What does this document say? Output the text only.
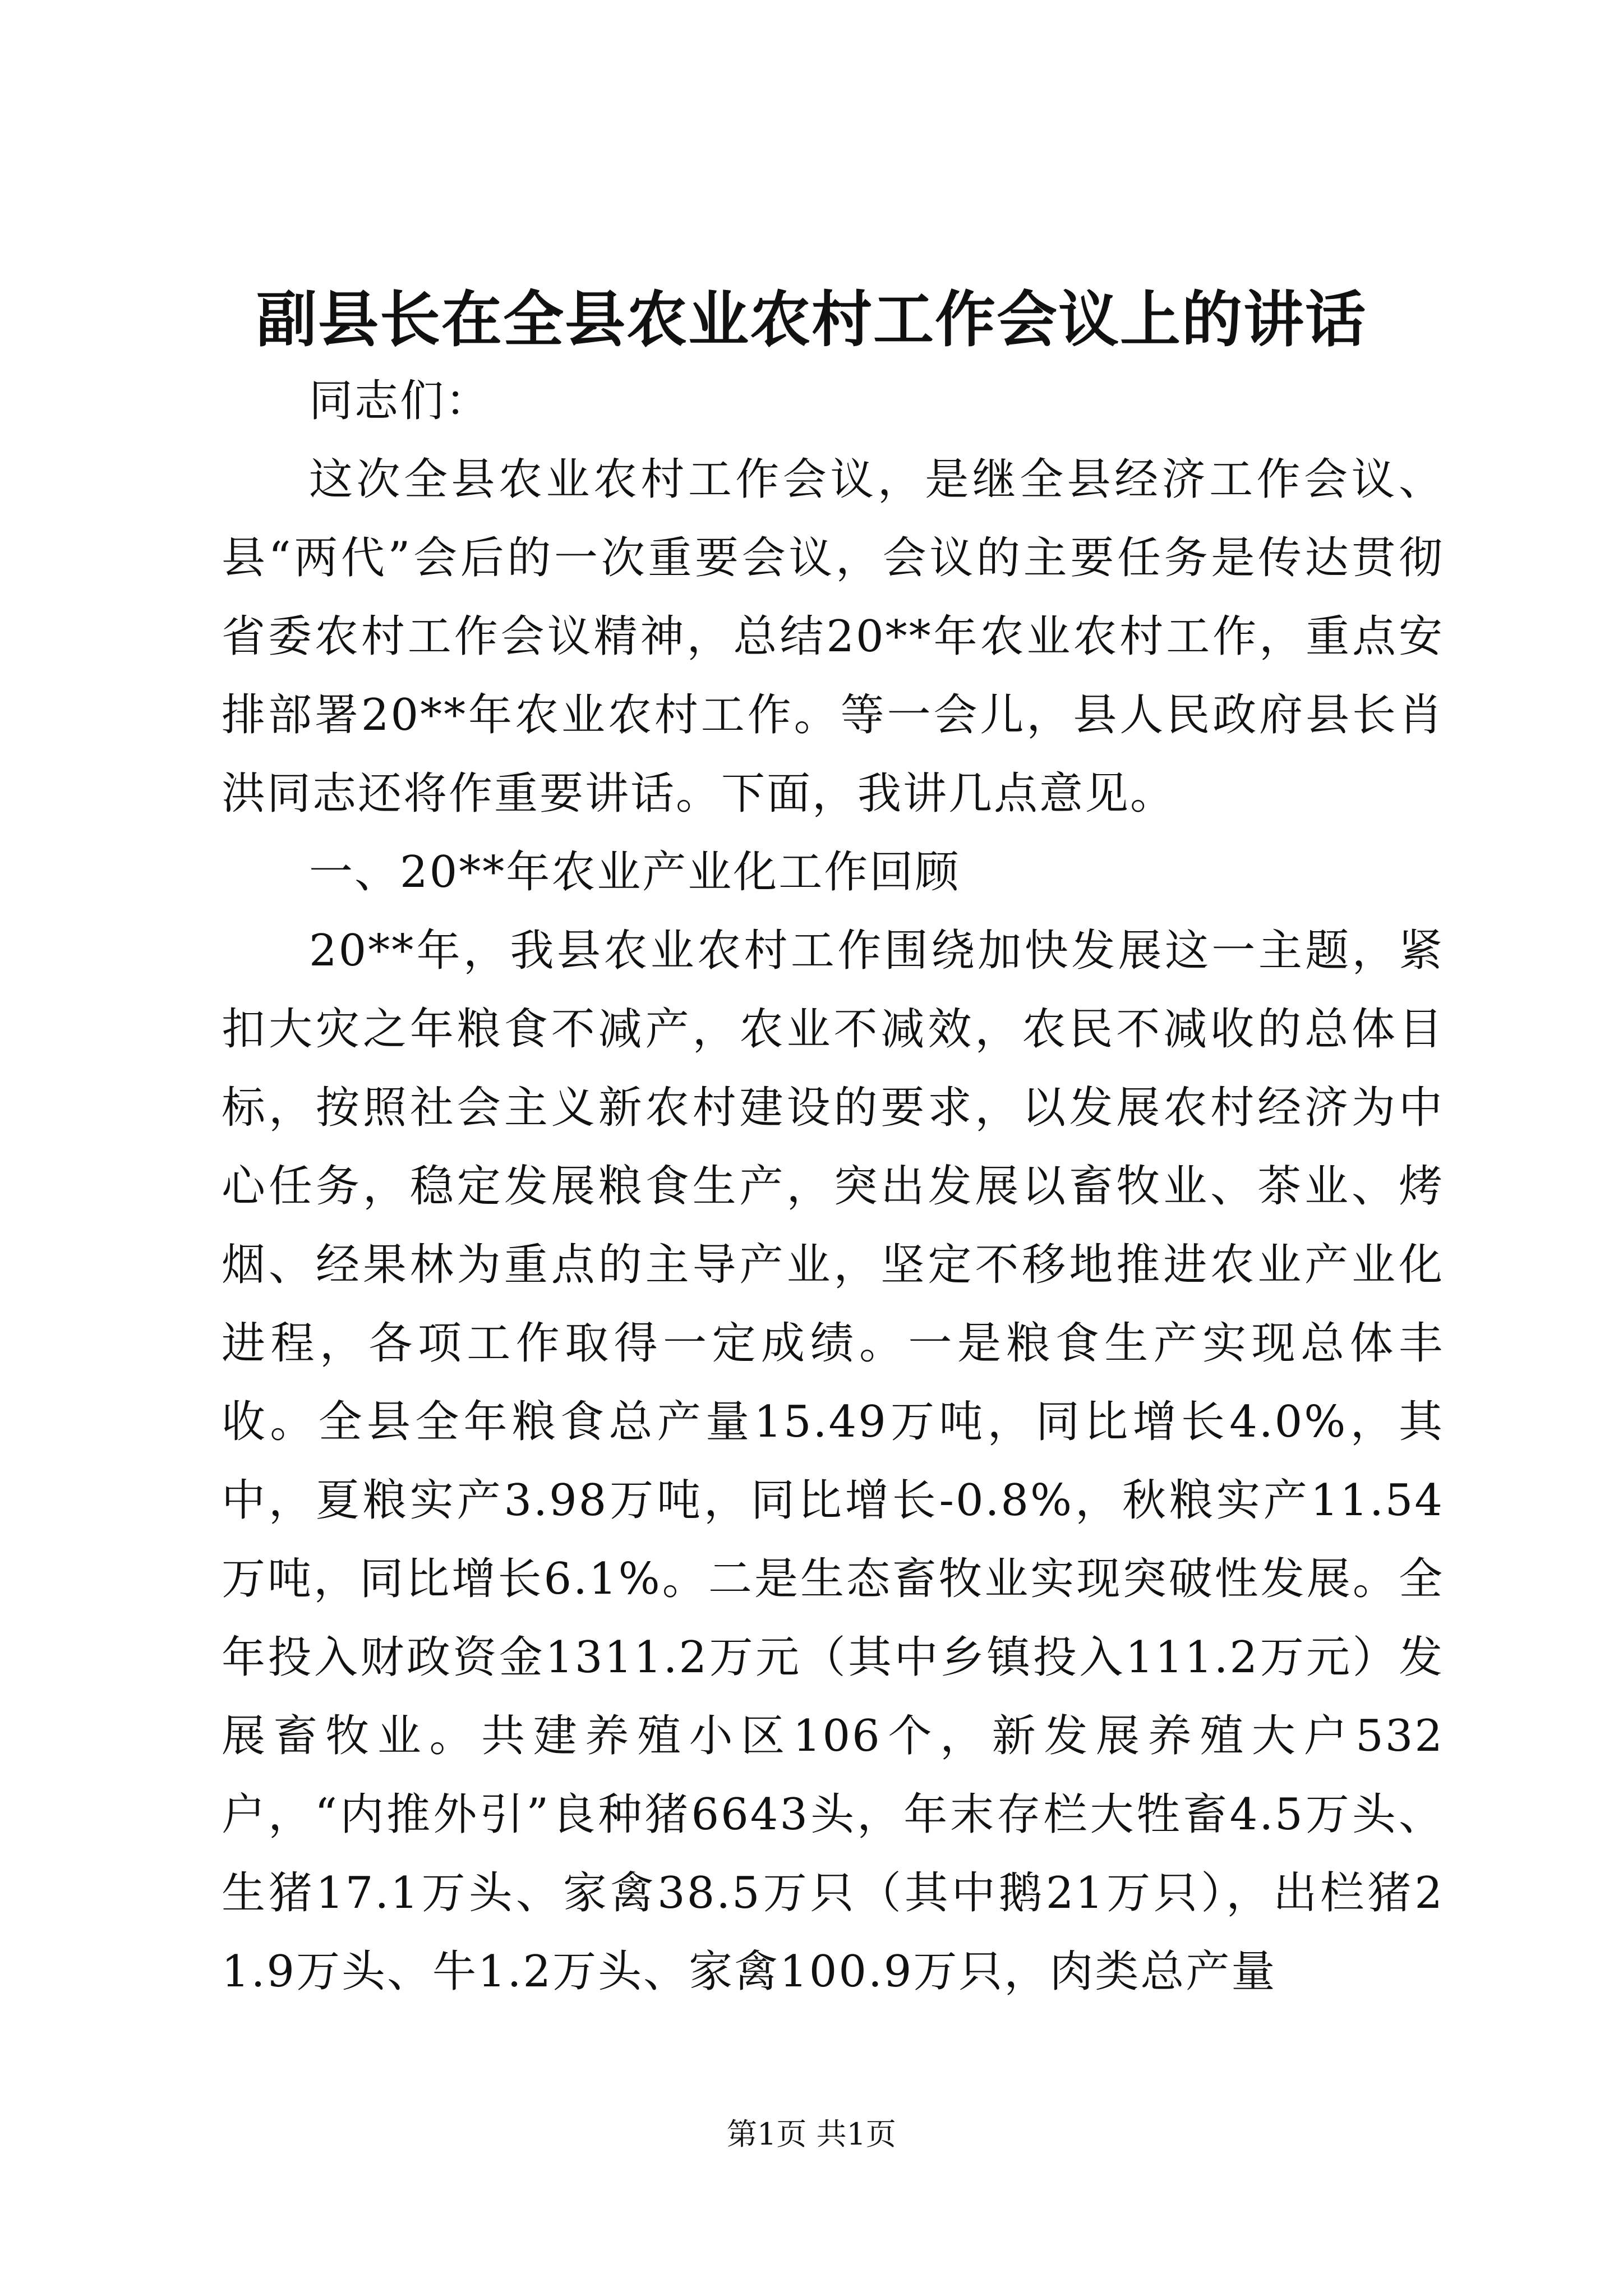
副县长在全县农业农村工作会议上的讲话

同志们：

这次全县农业农村工作会议，是继全县经济工作会议、县“两代”会后的一次重要会议，会议的主要任务是传达贯彻省委农村工作会议精神，总结20**年农业农村工作，重点安排部署20**年农业农村工作。等一会儿，县人民政府县长肖洪同志还将作重要讲话。下面，我讲几点意见。

一、20**年农业产业化工作回顾

20**年，我县农业农村工作围绕加快发展这一主题，紧扣大灾之年粮食不减产，农业不减效，农民不减收的总体目标，按照社会主义新农村建设的要求，以发展农村经济为中心任务，稳定发展粮食生产，突出发展以畜牧业、茶业、烤烟、经果林为重点的主导产业，坚定不移地推进农业产业化进程，各项工作取得一定成绩。一是粮食生产实现总体丰收。全县全年粮食总产量15.49万吨，同比增长4.0%，其中，夏粮实产3.98万吨，同比增长-0.8%，秋粮实产11.54万吨，同比增长6.1%。二是生态畜牧业实现突破性发展。全年投入财政资金1311.2万元（其中乡镇投入111.2万元）发展畜牧业。共建养殖小区106个，新发展养殖大户532户，“内推外引”良种猪6643头，年末存栏大牲畜4.5万头、生猪17.1万头、家禽38.5万只（其中鹅21万只），出栏猪21.9万头、牛1.2万头、家禽100.9万只，肉类总产量

第1页 共1页
